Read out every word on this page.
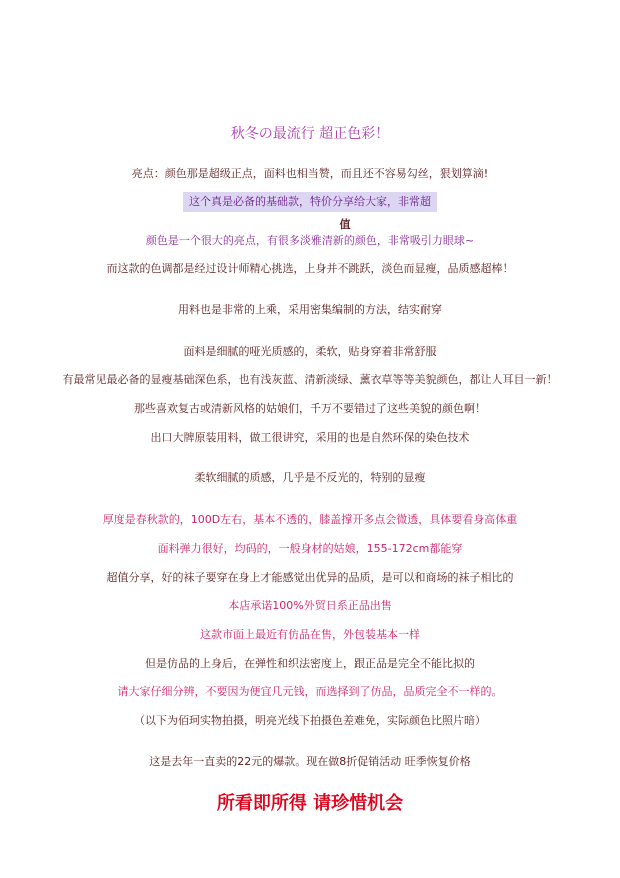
秋冬の最流行 超正色彩！
亮点：颜色那是超级正点，面料也相当赞，而且还不容易勾丝，狠划算滴!
这个真是必备的基础款，特价分享给大家，非常超
值
颜色是一个很大的亮点，有很多淡雅清新的颜色，非常吸引力眼球~
而这款的色调都是经过设计师精心挑选，上身并不跳跃，淡色而显瘦，品质感超棒！
用料也是非常的上乘，采用密集编制的方法，结实耐穿
面料是细腻的哑光质感的，柔软，贴身穿着非常舒服
有最常见最必备的显瘦基础深色系，也有浅灰蓝、清新淡绿、薰衣草等等美貌颜色，都让人耳目一新！
那些喜欢复古或清新风格的姑娘们，千万不要错过了这些美貌的颜色啊！
出口大牌原装用料，做工很讲究，采用的也是自然环保的染色技术
柔软细腻的质感，几乎是不反光的，特别的显瘦
厚度是春秋款的，100D左右，基本不透的，膝盖撑开多点会微透，具体要看身高体重
面料弹力很好，均码的，一般身材的姑娘，155-172cm都能穿
超值分享，好的袜子要穿在身上才能感觉出优异的品质，是可以和商场的袜子相比的
本店承诺100%外贸日系正品出售
这款市面上最近有仿品在售，外包装基本一样
但是仿品的上身后，在弹性和织法密度上，跟正品是完全不能比拟的
请大家仔细分辨，不要因为便宜几元钱，而选择到了仿品，品质完全不一样的。
（以下为佰珂实物拍摄，明亮光线下拍摄色差难免，实际颜色比照片暗）
这是去年一直卖的22元的爆款。现在做8折促销活动 旺季恢复价格
所看即所得 请珍惜机会
